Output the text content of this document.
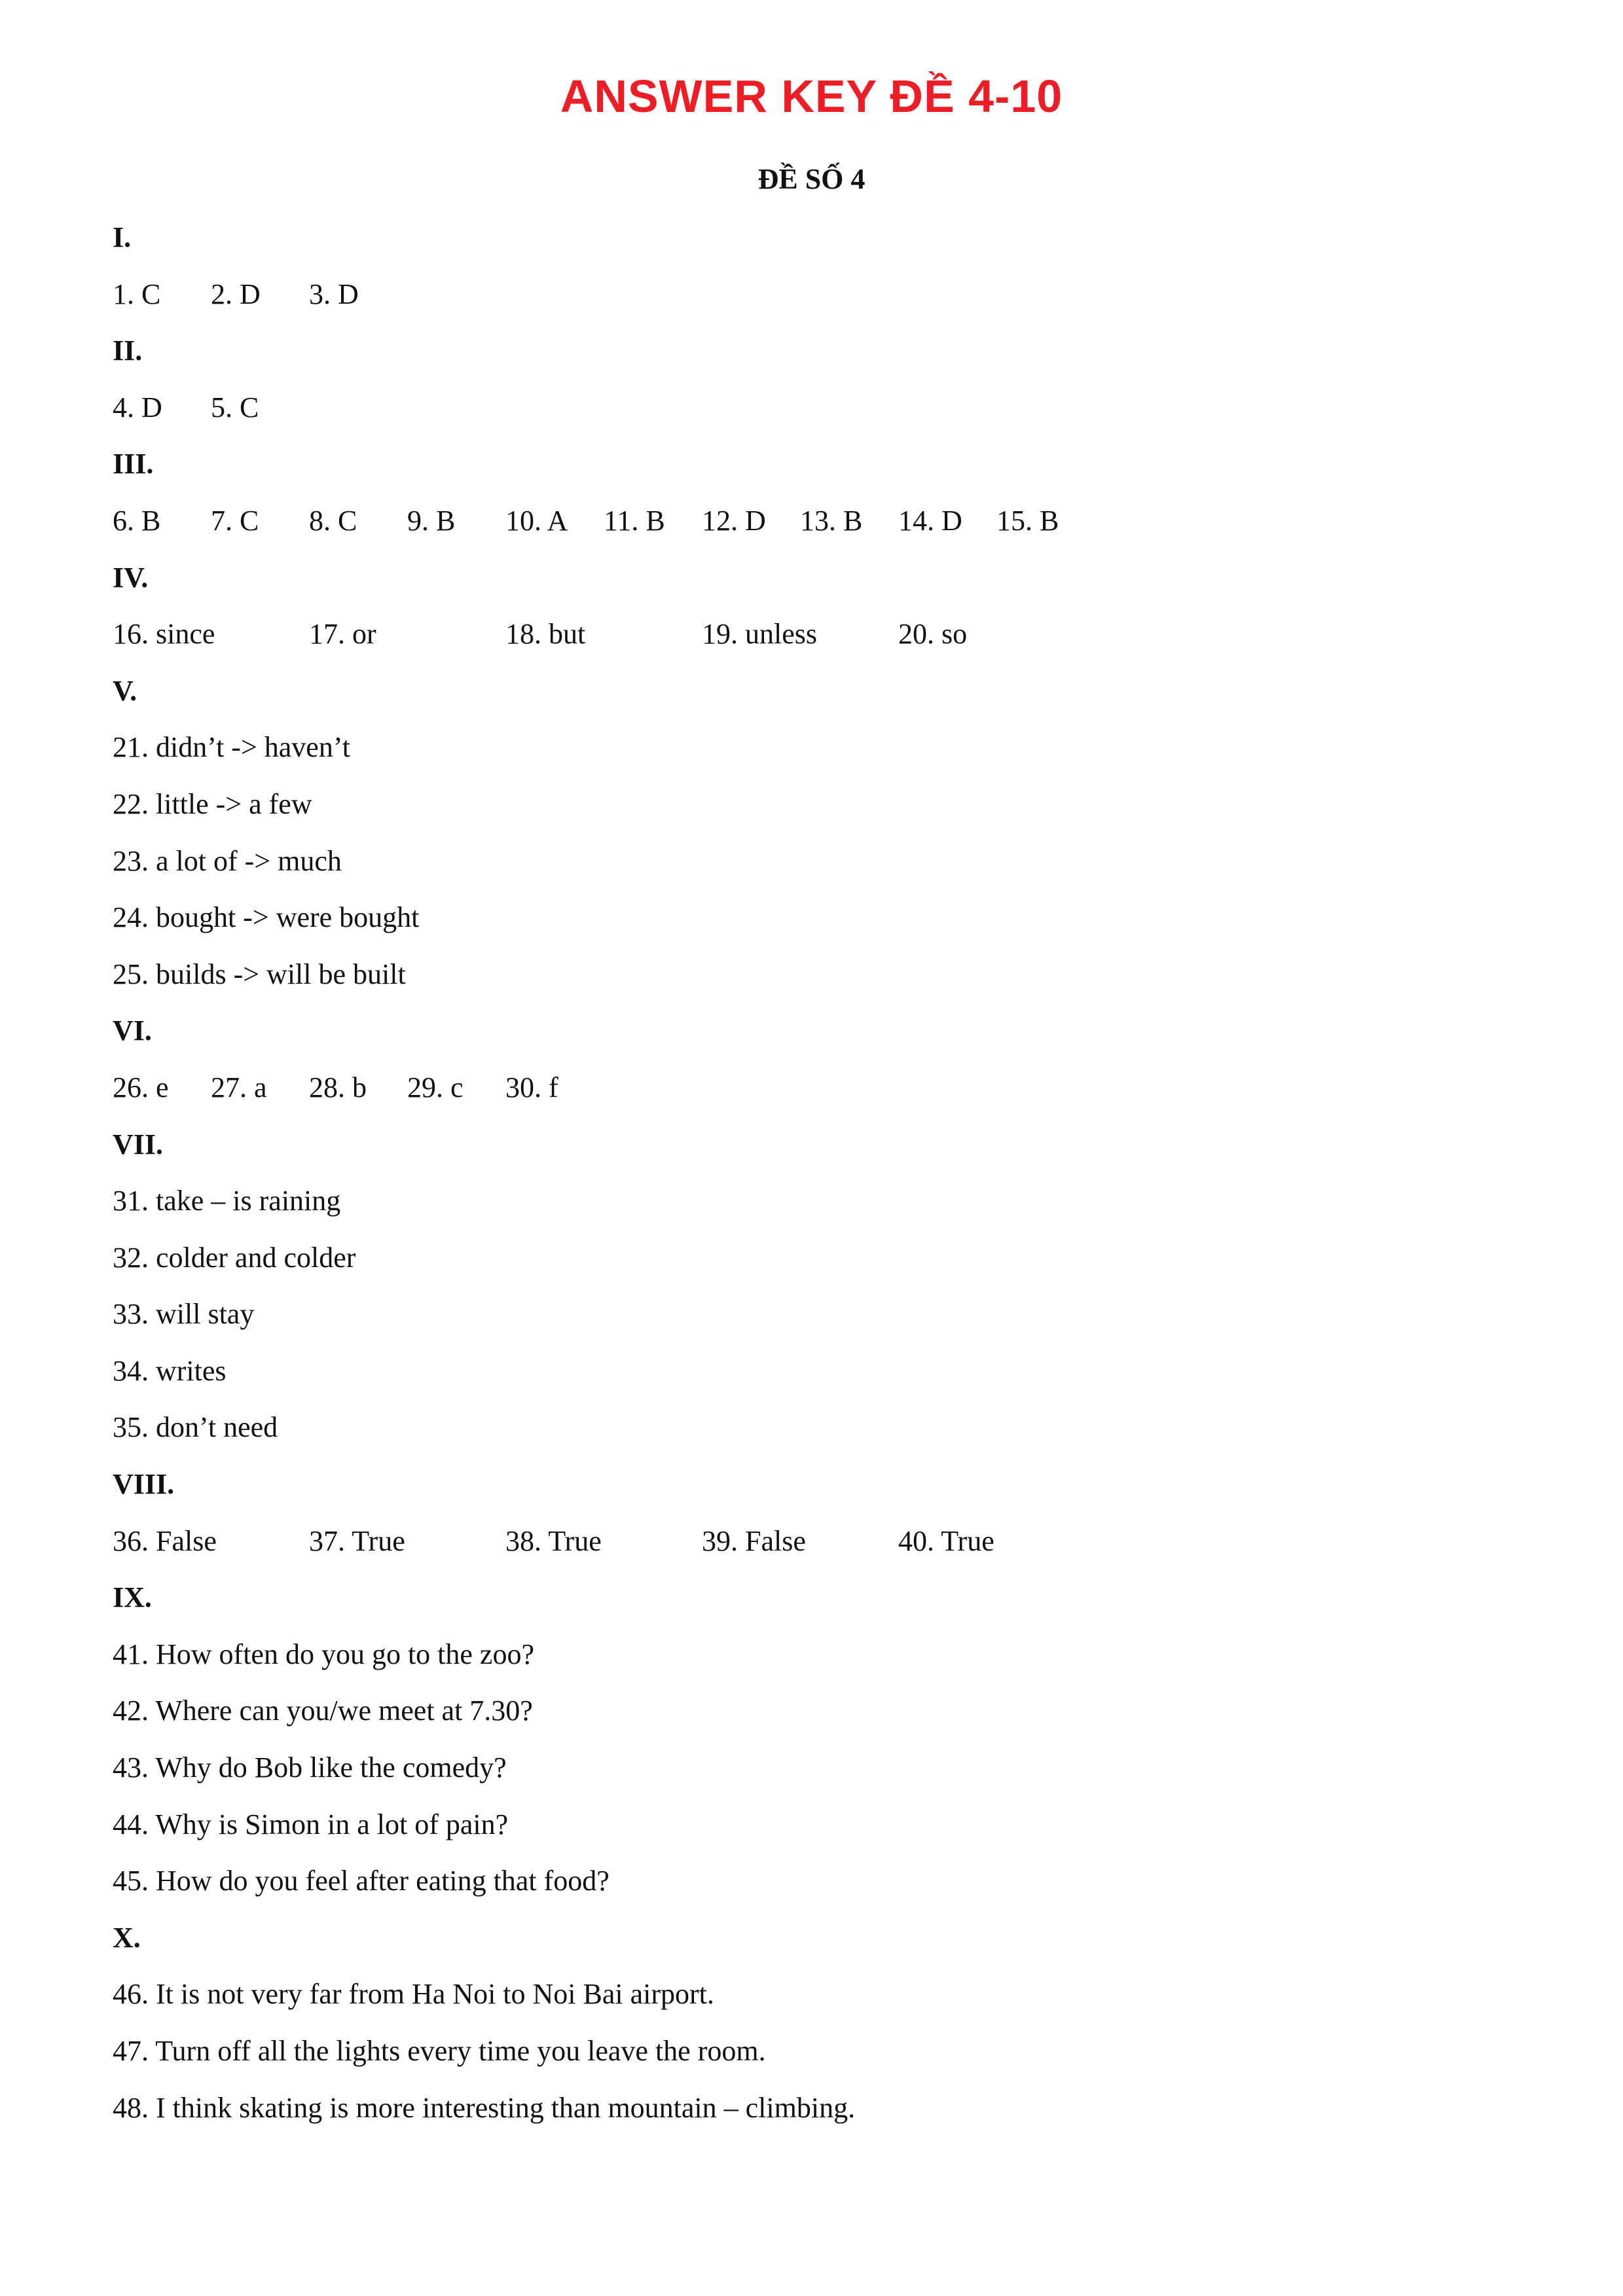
ANSWER KEY ĐỀ 4-10
ĐỀ SỐ 4
I.
1. C	2. D	3. D
II.
4. D	5. C
III.
6. B	7. C	8. C	9. B	10. A	11. B	12. D	13. B	14. D	15. B
IV.
16. since	17. or	18. but	19. unless	20. so
V.
21. didn’t -> haven’t
22. little -> a few
23. a lot of -> much
24. bought -> were bought
25. builds -> will be built
VI.
26. e	27. a	28. b	29. c	30. f
VII.
31. take – is raining
32. colder and colder
33. will stay
34. writes
35. don’t need
VIII.
36. False	37. True	38. True	39. False	40. True
IX.
41. How often do you go to the zoo?
42. Where can you/we meet at 7.30?
43. Why do Bob like the comedy?
44. Why is Simon in a lot of pain?
45. How do you feel after eating that food?
X.
46. It is not very far from Ha Noi to Noi Bai airport.
47. Turn off all the lights every time you leave the room.
48. I think skating is more interesting than mountain – climbing.
